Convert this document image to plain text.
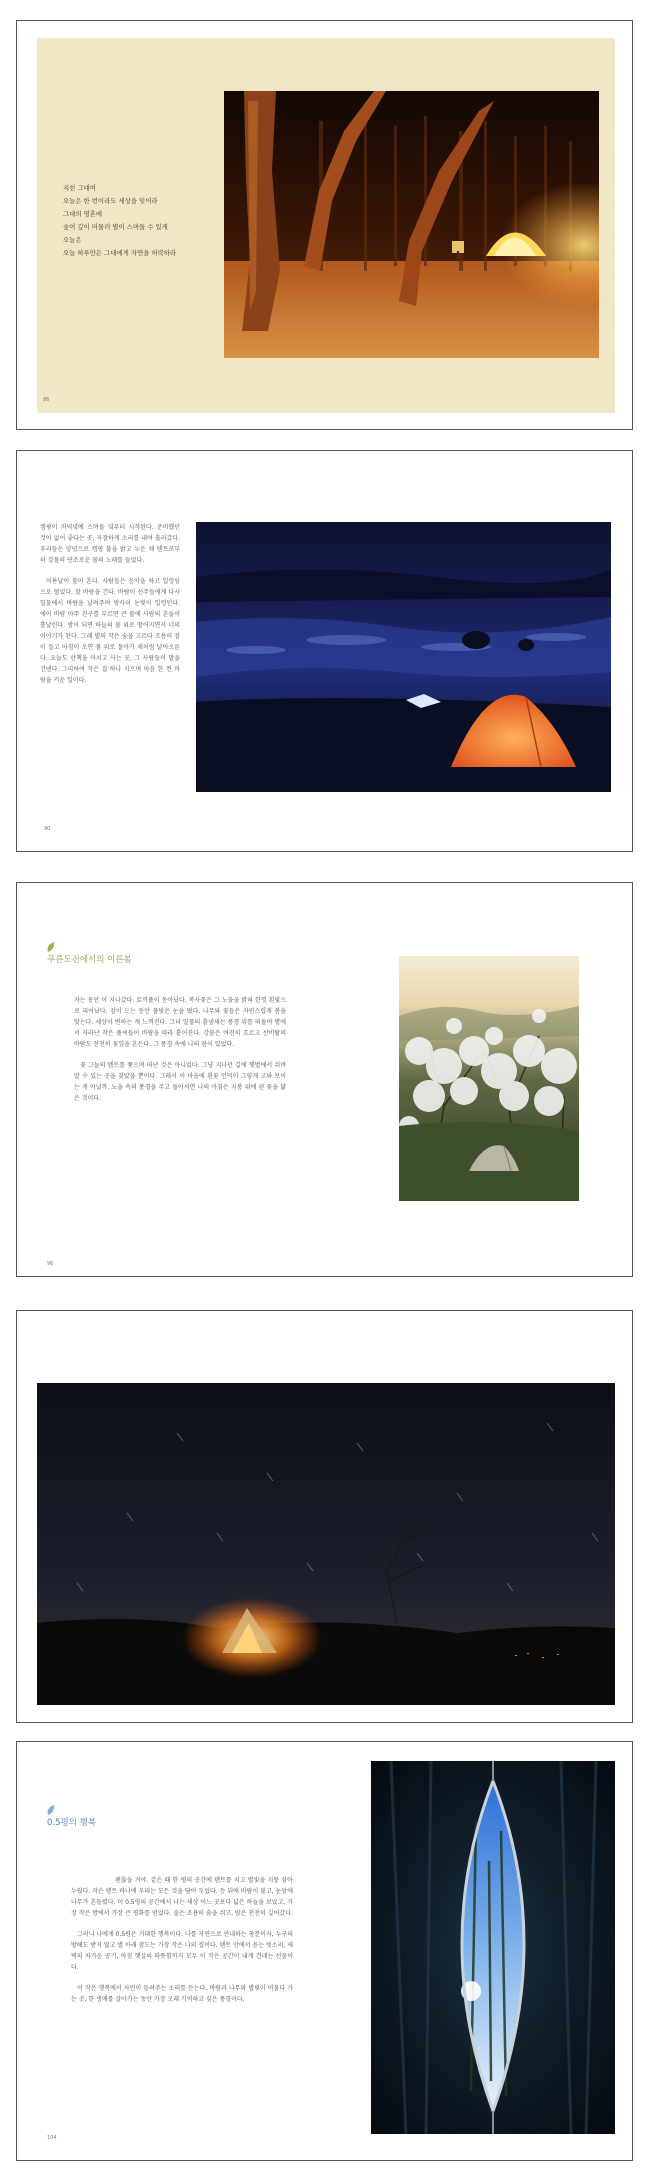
지친 그대여
오늘은 한 번이라도 세상을 잊어라
그대의 영혼에
숲이 깊이 머물러 별이 스며들 수 있게
오늘은
오늘 하루만은 그대에게 자연을 허락하라
86

캠핑이 저녁녘에 스며들 녘부터 시작된다. 준비했던 것이 없어 좋다는 곳, 자잘하게 소리를 내며 흘러갔다. 우리들은 양념으로 캠핑 불을 밝고 누운 채 텐트로부터 강물의 단조로운 물의 노래를 들었다.

이튿날이 물이 흔다. 사람들은 음악을 하고 일렁임으로 떨었다. 잘 바람을 건다. 바람이 선주들에게 다시 밀물에서 바람을 날려주며 밤사이 눈빛이 일렁인다. 에어 바람 아주 친구를 부르면 큰 물에 사람의 흔들이 흩날린다. 밤이 되면 하늘의 물 위로 떨어지면서 너의 이야기가 된다. 그래 별의 작은 숨을 고르다 조용히 잠이 들고 아침이 오면 물 위로 돌아가 새처럼 날아오른다. 오늘도 산책을 마치고 사는 곳, 그 사람들이 말을 건넨다. 그리하여 작은 집 하나 지으며 마음 한 켠 바람을 키운 일이다.

90
푸른도전에서의 이른봄

자는 동안 이 지나갔다. 토끼풀이 돋아났다. 복사꽃은 그 노을을 밝혀 한껏 흰빛으로 피어났다. 잠이 드는 동안 풀빛은 눈을 떴다. 나무와 꽃들은 자연스럽게 봄을 맞는다. 세상이 변하는 게 느껴진다. 그녀 밀물의 흙냄새는 풍경 위를 떠돌며 볕에서 자라난 작은 풀씨들이 바람을 따라 흩어진다. 강물은 여전히 흐르고 산비탈의 바람도 천천히 꽃잎을 흔든다. 그 풍경 속에 나의 봄이 있었다.

꽃 그늘의 텐트를 쫓으며 떠난 것은 아니었다. 그냥 지나던 길에 햇볕에서 쉬며 말 수 있는 곳을 찾았을 뿐이다. 그래서 이 마을에 흰꽃 언덕이 그렇게 고와 보이는 게 아닐까. 노을 속의 풍경을 주고 돌아서면 나의 아침은 지붕 위에 핀 꽃을 닮은 것이다.

96
0.5평의 행복

괜찮을 거야. 같은 때 한 평의 공간에 텐트를 치고 별빛을 지붕 삼아 누웠다. 작은 텐트 하나에 우리는 모든 것을 담아 두었다. 등 뒤에 바람이 불고, 눈앞에 나무가 흔들렸다. 이 0.5평의 공간에서 나는 세상 어느 곳보다 넓은 하늘을 보았고, 가장 작은 방에서 가장 큰 평화를 얻었다. 숲은 조용히 숨을 쉬고, 밤은 천천히 깊어갔다.

그러니 나에게 0.5평은 거대한 행복이다. 나를 자연으로 안내하는 창문이자, 누구의 방해도 받지 않고 별 아래 잠드는 가장 작은 나의 집이다. 텐트 안에서 듣는 빗소리, 새벽의 차가운 공기, 아침 햇살의 따뜻함까지 모두 이 작은 공간이 내게 건네는 선물이다.

이 작은 행복에서 자연이 들려주는 소리를 듣는다. 바람과 나무와 별빛이 머물다 가는 곳, 한 생애를 살아가는 동안 가장 오래 기억하고 싶은 풍경이다.

104
